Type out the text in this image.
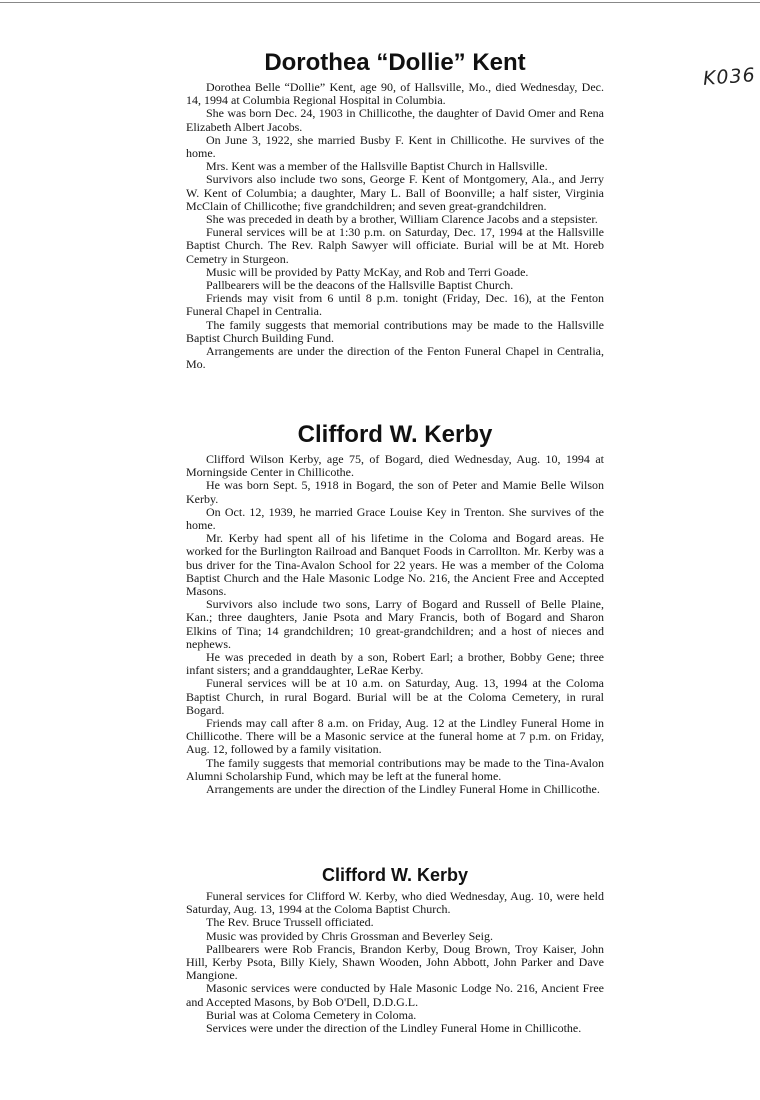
K036
Dorothea “Dollie” Kent

Dorothea Belle “Dollie” Kent, age 90, of Hallsville, Mo., died Wednesday, Dec. 14, 1994 at Columbia Regional Hospital in Columbia.

She was born Dec. 24, 1903 in Chillicothe, the daughter of David Omer and Rena Elizabeth Albert Jacobs.

On June 3, 1922, she married Busby F. Kent in Chillicothe. He survives of the home.

Mrs. Kent was a member of the Hallsville Baptist Church in Hallsville.

Survivors also include two sons, George F. Kent of Montgomery, Ala., and Jerry W. Kent of Columbia; a daughter, Mary L. Ball of Boonville; a half sister, Virginia McClain of Chillicothe; five grandchildren; and seven great-grandchildren.

She was preceded in death by a brother, William Clarence Jacobs and a stepsister.

Funeral services will be at 1:30 p.m. on Saturday, Dec. 17, 1994 at the Hallsville Baptist Church. The Rev. Ralph Sawyer will officiate. Burial will be at Mt. Horeb Cemetry in Sturgeon.

Music will be provided by Patty McKay, and Rob and Terri Goade.

Pallbearers will be the deacons of the Hallsville Baptist Church.

Friends may visit from 6 until 8 p.m. tonight (Friday, Dec. 16), at the Fenton Funeral Chapel in Centralia.

The family suggests that memorial contributions may be made to the Hallsville Baptist Church Building Fund.

Arrangements are under the direction of the Fenton Funeral Chapel in Centralia, Mo.

Clifford W. Kerby

Clifford Wilson Kerby, age 75, of Bogard, died Wednesday, Aug. 10, 1994 at Morningside Center in Chillicothe.

He was born Sept. 5, 1918 in Bogard, the son of Peter and Mamie Belle Wilson Kerby.

On Oct. 12, 1939, he married Grace Louise Key in Trenton. She survives of the home.

Mr. Kerby had spent all of his lifetime in the Coloma and Bogard areas. He worked for the Burlington Railroad and Banquet Foods in Carrollton. Mr. Kerby was a bus driver for the Tina-Avalon School for 22 years. He was a member of the Coloma Baptist Church and the Hale Masonic Lodge No. 216, the Ancient Free and Accepted Masons.

Survivors also include two sons, Larry of Bogard and Russell of Belle Plaine, Kan.; three daughters, Janie Psota and Mary Francis, both of Bogard and Sharon Elkins of Tina; 14 grandchildren; 10 great-grandchildren; and a host of nieces and nephews.

He was preceded in death by a son, Robert Earl; a brother, Bobby Gene; three infant sisters; and a granddaughter, LeRae Kerby.

Funeral services will be at 10 a.m. on Saturday, Aug. 13, 1994 at the Coloma Baptist Church, in rural Bogard. Burial will be at the Coloma Cemetery, in rural Bogard.

Friends may call after 8 a.m. on Friday, Aug. 12 at the Lindley Funeral Home in Chillicothe. There will be a Masonic service at the funeral home at 7 p.m. on Friday, Aug. 12, followed by a family visitation.

The family suggests that memorial contributions may be made to the Tina-Avalon Alumni Scholarship Fund, which may be left at the funeral home.

Arrangements are under the direction of the Lindley Funeral Home in Chillicothe.

Clifford W. Kerby

Funeral services for Clifford W. Kerby, who died Wednesday, Aug. 10, were held Saturday, Aug. 13, 1994 at the Coloma Baptist Church.

The Rev. Bruce Trussell officiated.

Music was provided by Chris Grossman and Beverley Seig.

Pallbearers were Rob Francis, Brandon Kerby, Doug Brown, Troy Kaiser, John Hill, Kerby Psota, Billy Kiely, Shawn Wooden, John Abbott, John Parker and Dave Mangione.

Masonic services were conducted by Hale Masonic Lodge No. 216, Ancient Free and Accepted Masons, by Bob O'Dell, D.D.G.L.

Burial was at Coloma Cemetery in Coloma.

Services were under the direction of the Lindley Funeral Home in Chillicothe.
